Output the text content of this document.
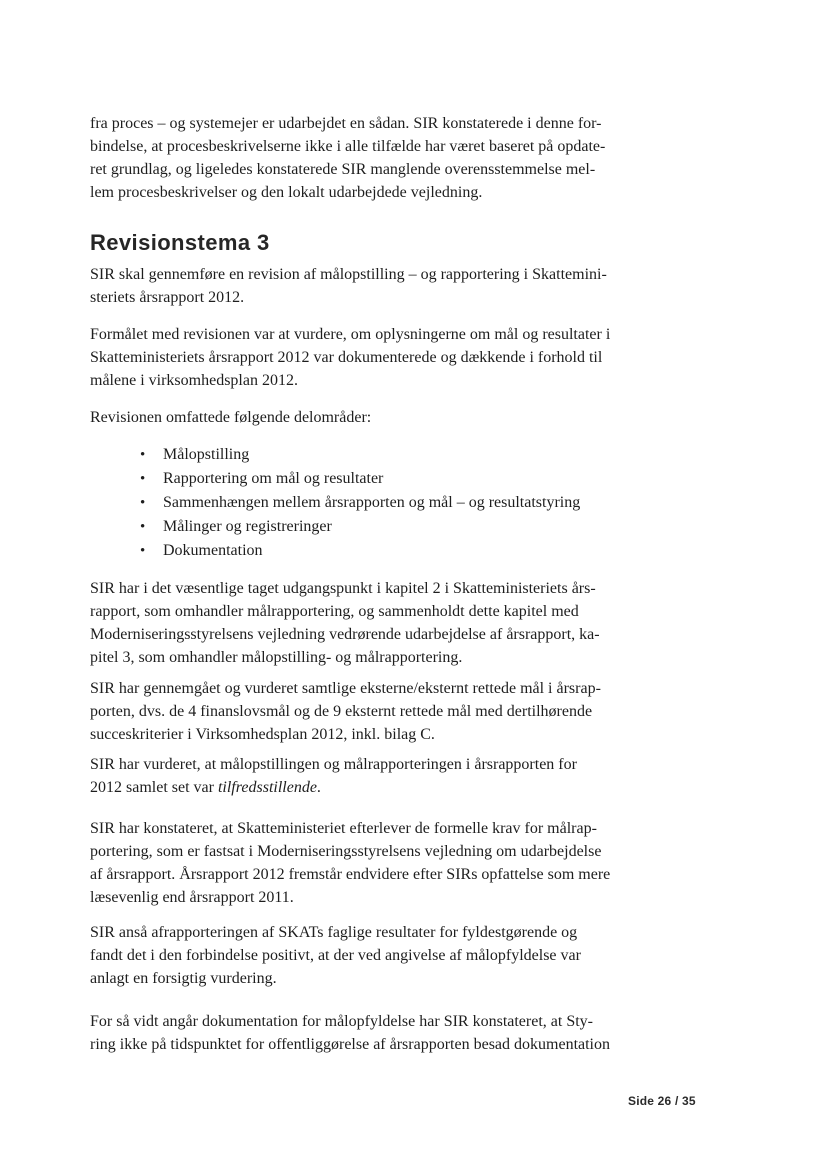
fra proces – og systemejer er udarbejdet en sådan. SIR konstaterede i denne for-
bindelse, at procesbeskrivelserne ikke i alle tilfælde har været baseret på opdate-
ret grundlag, og ligeledes konstaterede SIR manglende overensstemmelse mel-
lem procesbeskrivelser og den lokalt udarbejdede vejledning.
Revisionstema 3
SIR skal gennemføre en revision af målopstilling – og rapportering i Skattemini-
steriets årsrapport 2012.
Formålet med revisionen var at vurdere, om oplysningerne om mål og resultater i
Skatteministeriets årsrapport 2012 var dokumenterede og dækkende i forhold til
målene i virksomhedsplan 2012.
Revisionen omfattede følgende delområder:
• Målopstilling
• Rapportering om mål og resultater
• Sammenhængen mellem årsrapporten og mål – og resultatstyring
• Målinger og registreringer
• Dokumentation
SIR har i det væsentlige taget udgangspunkt i kapitel 2 i Skatteministeriets års-
rapport, som omhandler målrapportering, og sammenholdt dette kapitel med
Moderniseringsstyrelsens vejledning vedrørende udarbejdelse af årsrapport, ka-
pitel 3, som omhandler målopstilling- og målrapportering.
SIR har gennemgået og vurderet samtlige eksterne/eksternt rettede mål i årsrap-
porten, dvs. de 4 finanslovsmål og de 9 eksternt rettede mål med dertilhørende
succeskriterier i Virksomhedsplan 2012, inkl. bilag C.
SIR har vurderet, at målopstillingen og målrapporteringen i årsrapporten for
2012 samlet set var tilfredsstillende.
SIR har konstateret, at Skatteministeriet efterlever de formelle krav for målrap-
portering, som er fastsat i Moderniseringsstyrelsens vejledning om udarbejdelse
af årsrapport. Årsrapport 2012 fremstår endvidere efter SIRs opfattelse som mere
læsevenlig end årsrapport 2011.
SIR anså afrapporteringen af SKATs faglige resultater for fyldestgørende og
fandt det i den forbindelse positivt, at der ved angivelse af målopfyldelse var
anlagt en forsigtig vurdering.
For så vidt angår dokumentation for målopfyldelse har SIR konstateret, at Sty-
ring ikke på tidspunktet for offentliggørelse af årsrapporten besad dokumentation
Side 26 / 35
